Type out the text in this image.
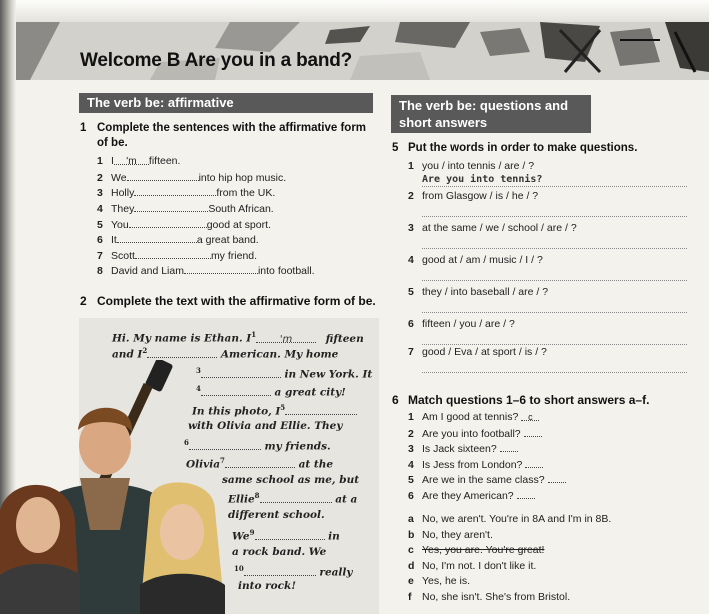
Welcome B Are you in a band?
The verb be: affirmative
1 Complete the sentences with the affirmative form
of be.
1 I 'm fifteen.
2 We	into hip hop music.
3 Holly	from the UK.
4 They	South African.
5 You	good at sport.
6 It	a great band.
7 Scott	my friend.
8 David and Liam	into football.
2 Complete the text with the affirmative form of be.
Hi. My name is Ethan. $I^1$ 'm	fifteen
and $I^2$	American. My home
$^3$	in New York. It
$^4$	a great city!
In this photo, $I^5$
with Olivia and Ellie. They
$^6$	my friends.
Olivia$^7$	at the
same school as me, but
Ellie$^8$	at a
different school.
We$^9$	in
a rock band. We
$^{10}$	really
into rock!
The verb be: questions and
short answers
5 Put the words in order to make questions.
1 you / into tennis / are / ?
Are you into tennis?
2 from Glasgow / is / he / ?
3 at the same / we / school / are / ?
4 good at / am / music / I / ?
5 they / into baseball / are / ?
6 fifteen / you / are / ?
7 good / Eva / at sport / is / ?
6 Match questions 1–6 to short answers a–f.
1 Am I good at tennis? c
2 Are you into football?
3 Is Jack sixteen?
4 Is Jess from London?
5 Are we in the same class?
6 Are they American?
a No, we aren't. You're in 8A and I'm in 8B.
b No, they aren't.
c Yes, you are. You're great!
d No, I'm not. I don't like it.
e Yes, he is.
f No, she isn't. She's from Bristol.
